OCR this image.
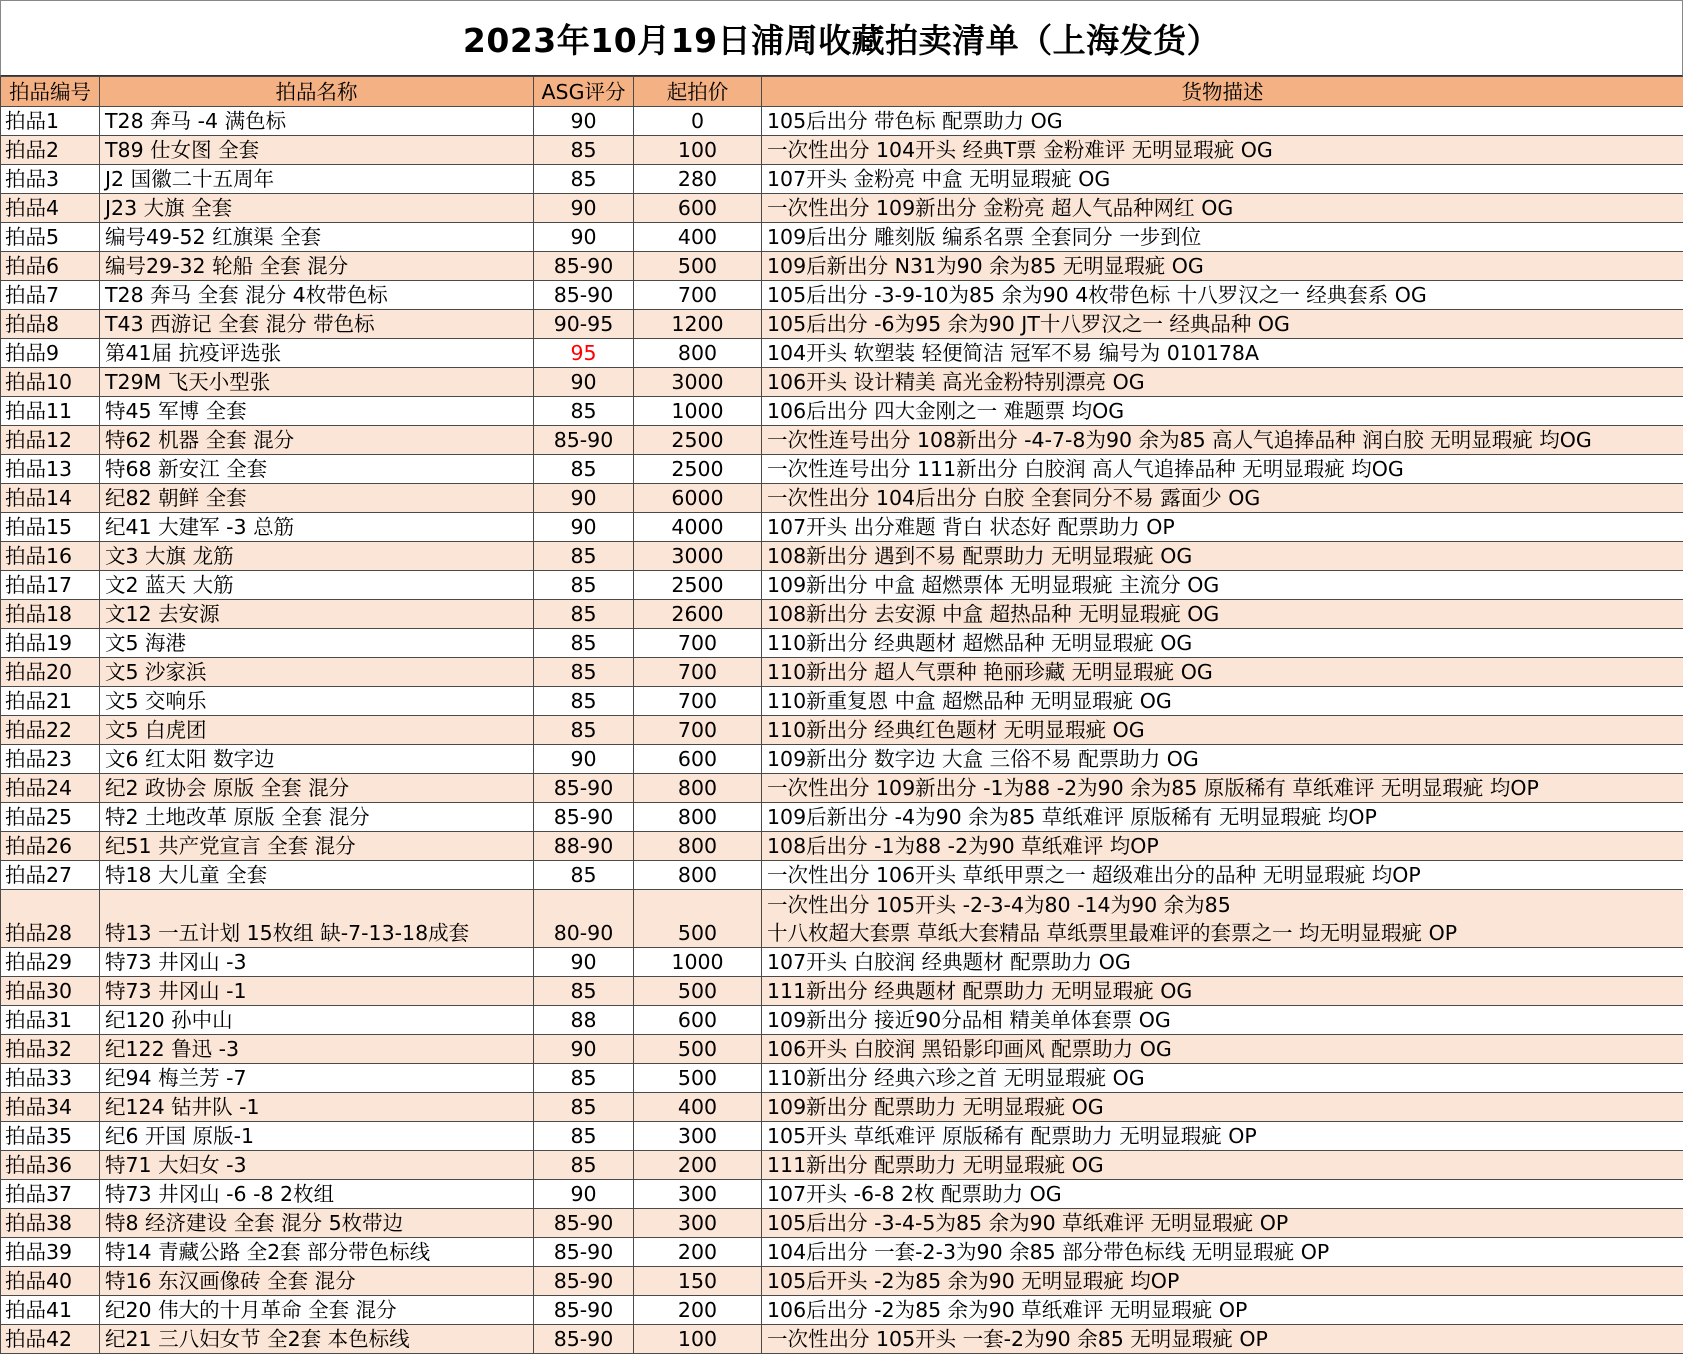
2023年10月19日浦周收藏拍卖清单（上海发货）
拍品编号	拍品名称	ASG评分	起拍价	货物描述
拍品1	T28 奔马 -4 满色标	90	0	105后出分 带色标 配票助力 OG

拍品2	T89 仕女图 全套	85	100	一次性出分 104开头 经典T票 金粉难评 无明显瑕疵 OG

拍品3	J2 国徽二十五周年	85	280	107开头 金粉亮 中盒 无明显瑕疵 OG

拍品4	J23 大旗 全套	90	600	一次性出分 109新出分 金粉亮 超人气品种网红 OG

拍品5	编号49-52 红旗渠 全套	90	400	109后出分 雕刻版 编系名票 全套同分 一步到位

拍品6	编号29-32 轮船 全套 混分	85-90	500	109后新出分 N31为90 余为85 无明显瑕疵 OG

拍品7	T28 奔马 全套 混分 4枚带色标	85-90	700	105后出分 -3-9-10为85 余为90 4枚带色标 十八罗汉之一 经典套系 OG

拍品8	T43 西游记 全套 混分 带色标	90-95	1200	105后出分 -6为95 余为90 JT十八罗汉之一 经典品种 OG

拍品9	第41届 抗疫评选张	95	800	104开头 软塑装 轻便简洁 冠军不易 编号为 010178A

拍品10	T29M 飞天小型张	90	3000	106开头 设计精美 高光金粉特别漂亮 OG

拍品11	特45 军博 全套	85	1000	106后出分 四大金刚之一 难题票 均OG

拍品12	特62 机器 全套 混分	85-90	2500	一次性连号出分 108新出分 -4-7-8为90 余为85 高人气追捧品种 润白胶 无明显瑕疵 均OG

拍品13	特68 新安江 全套	85	2500	一次性连号出分 111新出分 白胶润 高人气追捧品种 无明显瑕疵 均OG

拍品14	纪82 朝鲜 全套	90	6000	一次性出分 104后出分 白胶 全套同分不易 露面少 OG

拍品15	纪41 大建军 -3 总筋	90	4000	107开头 出分难题 背白 状态好 配票助力 OP

拍品16	文3 大旗 龙筋	85	3000	108新出分 遇到不易 配票助力 无明显瑕疵 OG

拍品17	文2 蓝天 大筋	85	2500	109新出分 中盒 超燃票体 无明显瑕疵 主流分 OG

拍品18	文12 去安源	85	2600	108新出分 去安源 中盒 超热品种 无明显瑕疵 OG

拍品19	文5 海港	85	700	110新出分 经典题材 超燃品种 无明显瑕疵 OG

拍品20	文5 沙家浜	85	700	110新出分 超人气票种 艳丽珍藏 无明显瑕疵 OG

拍品21	文5 交响乐	85	700	110新重复恩 中盒 超燃品种 无明显瑕疵 OG

拍品22	文5 白虎团	85	700	110新出分 经典红色题材 无明显瑕疵 OG

拍品23	文6 红太阳 数字边	90	600	109新出分 数字边 大盒 三俗不易 配票助力 OG

拍品24	纪2 政协会 原版 全套 混分	85-90	800	一次性出分 109新出分 -1为88 -2为90 余为85 原版稀有 草纸难评 无明显瑕疵 均OP

拍品25	特2 土地改革 原版 全套 混分	85-90	800	109后新出分 -4为90 余为85 草纸难评 原版稀有 无明显瑕疵 均OP

拍品26	纪51 共产党宣言 全套 混分	88-90	800	108后出分 -1为88 -2为90 草纸难评 均OP

拍品27	特18 大儿童 全套	85	800	一次性出分 106开头 草纸甲票之一 超级难出分的品种 无明显瑕疵 均OP

拍品28	特13 一五计划 15枚组 缺-7-13-18成套	80-90	500	一次性出分 105开头 -2-3-4为80 -14为90 余为85
十八枚超大套票 草纸大套精品 草纸票里最难评的套票之一 均无明显瑕疵 OP

拍品29	特73 井冈山 -3	90	1000	107开头 白胶润 经典题材 配票助力 OG

拍品30	特73 井冈山 -1	85	500	111新出分 经典题材 配票助力 无明显瑕疵 OG

拍品31	纪120 孙中山	88	600	109新出分 接近90分品相 精美单体套票 OG

拍品32	纪122 鲁迅 -3	90	500	106开头 白胶润 黑铅影印画风 配票助力 OG

拍品33	纪94 梅兰芳 -7	85	500	110新出分 经典六珍之首 无明显瑕疵 OG

拍品34	纪124 钻井队 -1	85	400	109新出分 配票助力 无明显瑕疵 OG

拍品35	纪6 开国 原版-1	85	300	105开头 草纸难评 原版稀有 配票助力 无明显瑕疵 OP

拍品36	特71 大妇女 -3	85	200	111新出分 配票助力 无明显瑕疵 OG

拍品37	特73 井冈山 -6 -8 2枚组	90	300	107开头 -6-8 2枚 配票助力 OG

拍品38	特8 经济建设 全套 混分 5枚带边	85-90	300	105后出分 -3-4-5为85 余为90 草纸难评 无明显瑕疵 OP

拍品39	特14 青藏公路 全2套 部分带色标线	85-90	200	104后出分 一套-2-3为90 余85 部分带色标线 无明显瑕疵 OP

拍品40	特16 东汉画像砖 全套 混分	85-90	150	105后开头 -2为85 余为90 无明显瑕疵 均OP

拍品41	纪20 伟大的十月革命 全套 混分	85-90	200	106后出分 -2为85 余为90 草纸难评 无明显瑕疵 OP

拍品42	纪21 三八妇女节 全2套 本色标线	85-90	100	一次性出分 105开头 一套-2为90 余85 无明显瑕疵 OP
